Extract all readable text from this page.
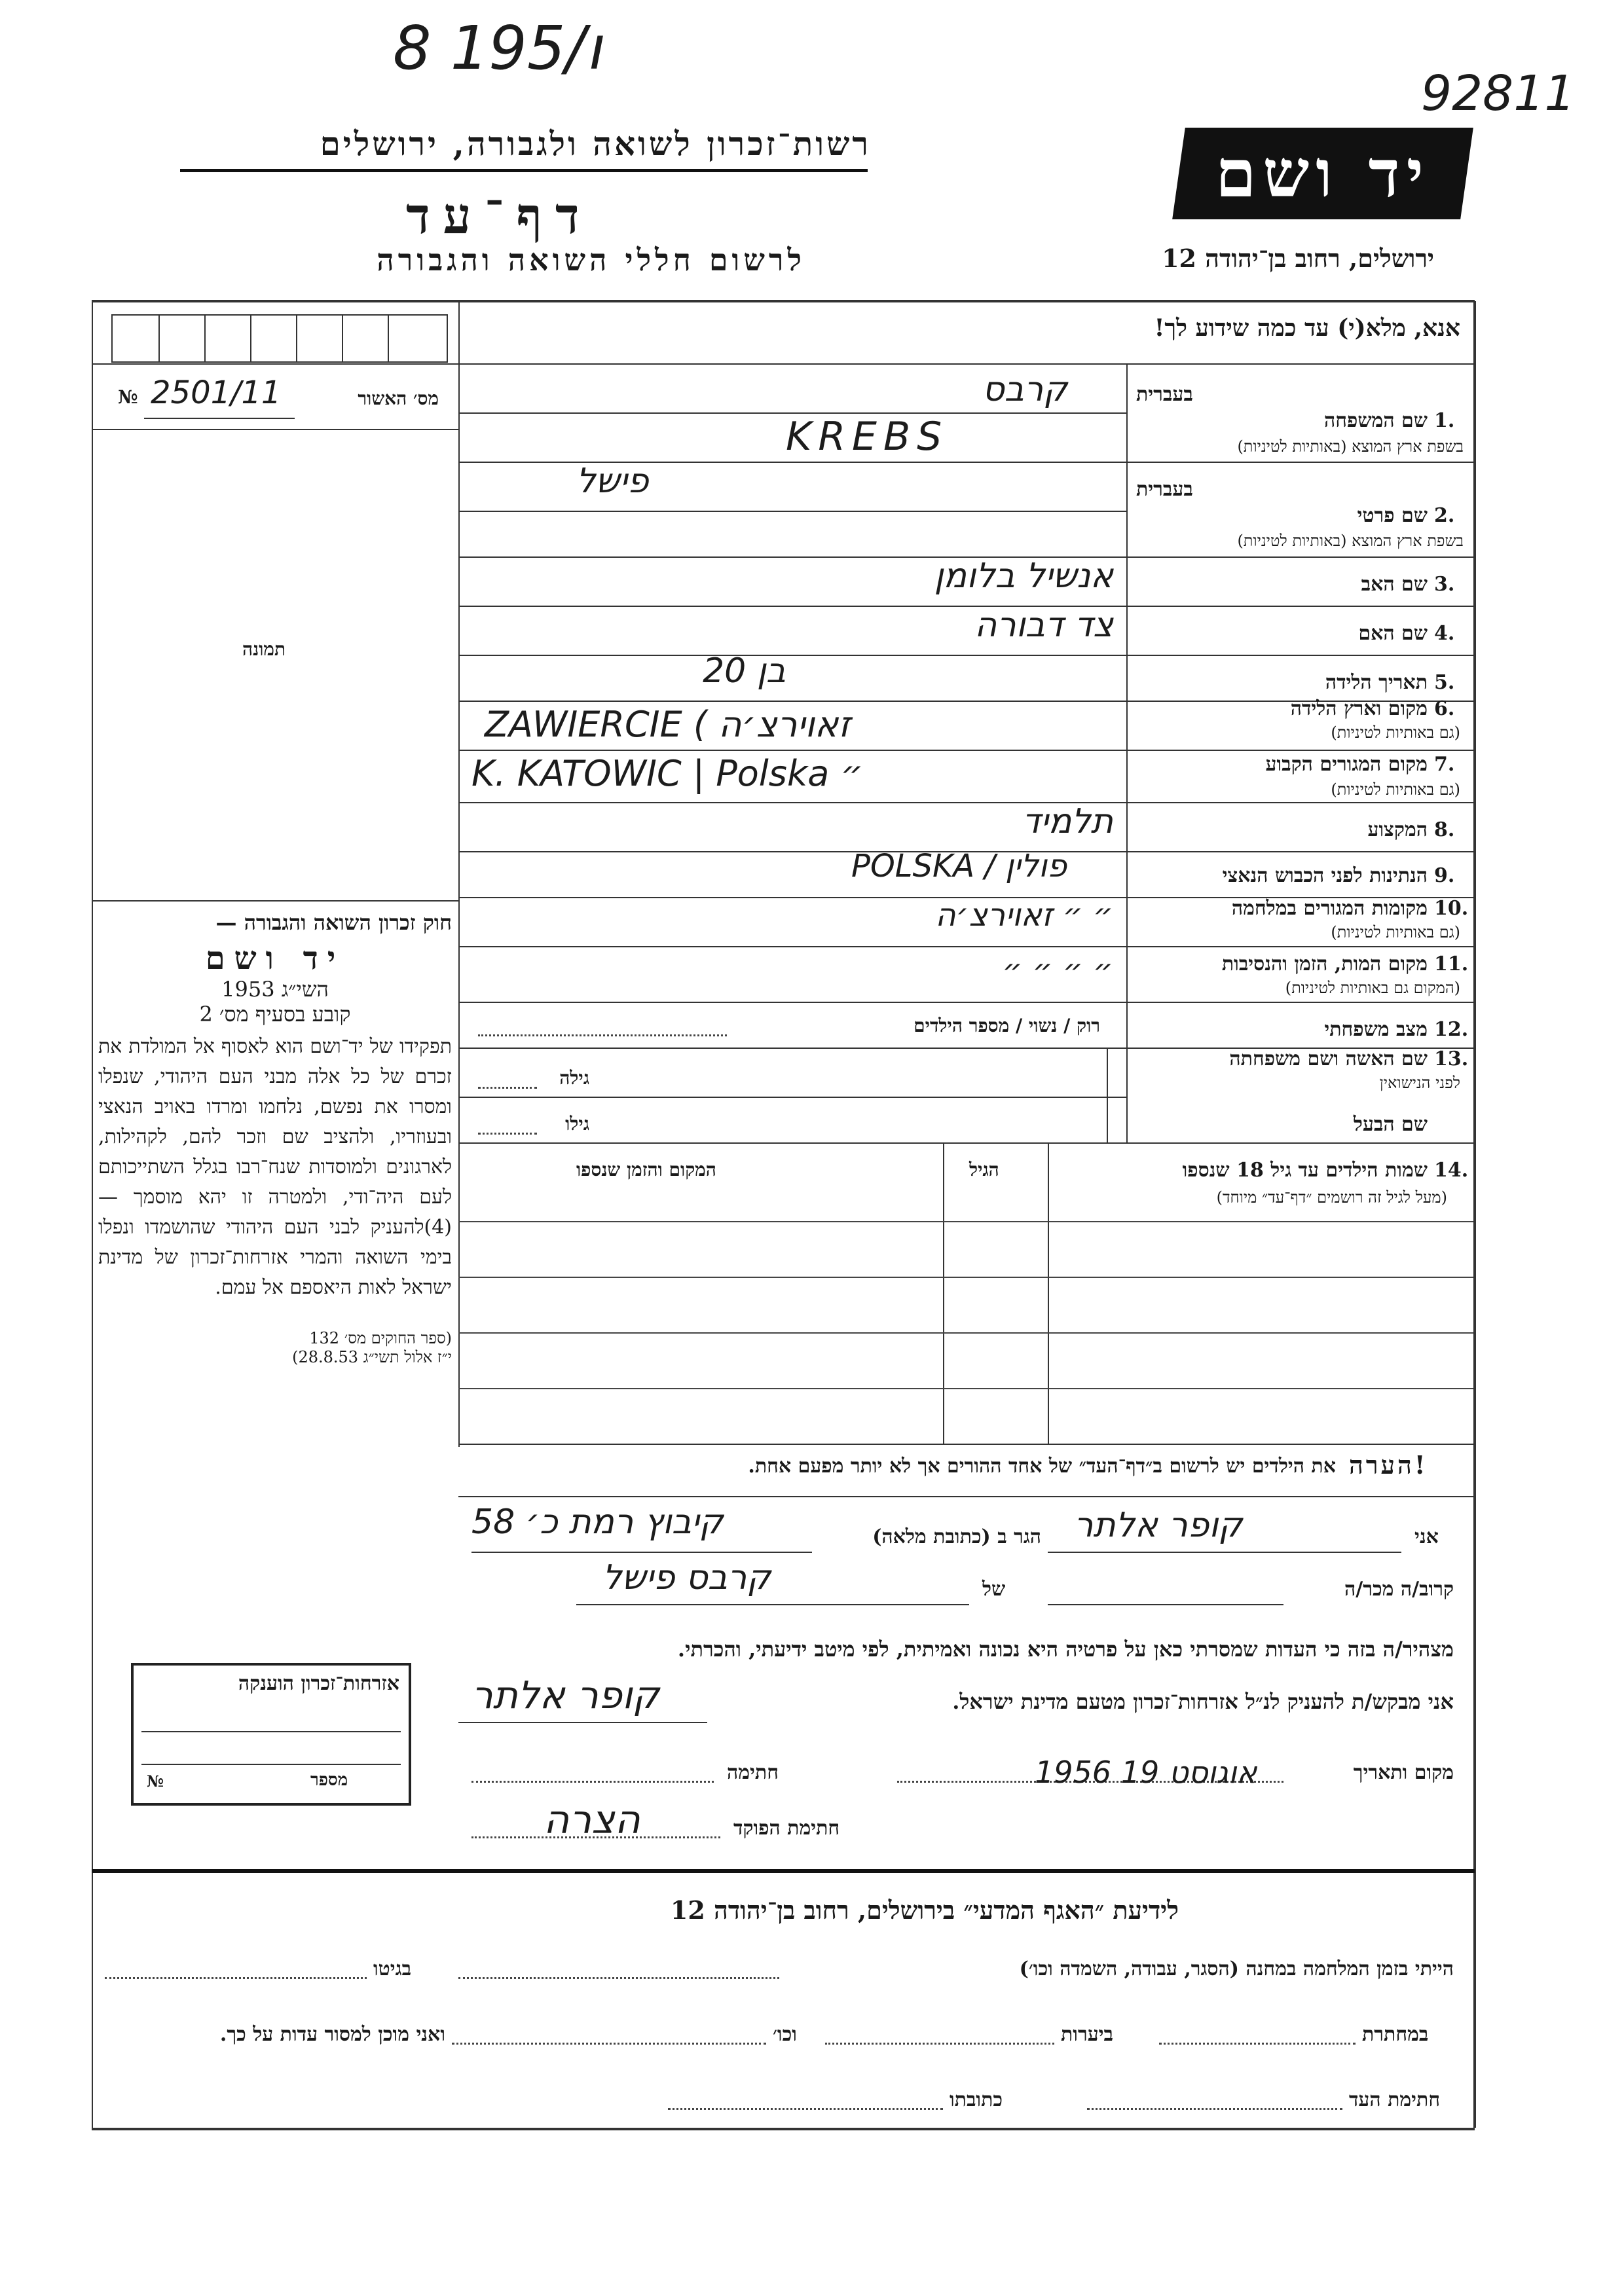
8 195/ו
92811
רשות־זכרון לשואה ולגבורה, ירושלים
דף־עד
לרשום חללי השואה והגבורה
יד ושם
ירושלים, רחוב בן־יהודה 12
אנא, מלא(י) עד כמה שידוע לך!
№ 2501/11	מס׳ האשור
תמונה
בעברית
1.
שם המשפחה
בשפת ארץ המוצא (באותיות לטיניות)
קרבס
KREBS
בעברית
2.
שם פרטי
בשפת ארץ המוצא (באותיות לטיניות)
פישל
3.
שם האב
אנשיל בלומן
4.
שם האם
צד דבורה
5.
תאריך הלידה
בן 20
6.
מקום וארץ הלידה
(גם באותיות לטיניות)
ZAWIERCIE ( זאוירצ׳ה
7.
מקום המגורים הקבוע
(גם באותיות לטיניות)
K. KATOWIC | Polska ״
8.
המקצוע
תלמיד
9.
הנתינות לפני הכבוש הנאצי
POLSKA / פולין
10.
מקומות המגורים במלחמה
(גם באותיות לטיניות)
״ ״ זאוירצ׳ה
11.
מקום המות, הזמן והנסיבות
(המקום גם באותיות לטיניות)
״ ״ ״ ״
12.
מצב משפחתי
רוק / נשוי / מספר הילדים
13.
שם האשה ושם משפחתה
לפני הנישואין
גילה
שם הבעל
גילו
14.
שמות הילדים עד גיל 18 שנספו
(מעל לגיל זה רושמים ״דף־עד״ מיוחד)
הגיל
המקום והזמן שנספו
חוק זכרון השואה והגבורה —
יד ושם
השי״ג 1953
קובע בסעיף מס׳ 2
תפקידו של יד־ושם הוא לאסוף אל המולדת את זכרם של כל אלה מבני העם היהודי, שנפלו ומסרו את נפשם, נלחמו ומרדו באויב הנאצי ובעוזריו, ולהציב שם וזכר להם, לקהילות, לארגונים ולמוסדות שנח־רבו בגלל השתייכותם לעם היה־ודי, ולמטרה זו יהא מוסמך — (4)להעניק לבני העם היהודי שהושמדו ונפלו בימי השואה והמרי אזרחות־זכרון של מדינת ישראל לאות היאספם אל עמם.
(ספר החוקים מס׳ 132
י״ז אלול תשי״ג 28.8.53)
הערה!
את הילדים יש לרשום ב״דף־העד״ של אחד ההורים אך לא יותר מפעם אחת.
אני
קופר אלתר
הגר ב (כתובת מלאה)
קיבוץ רמת כ׳ 58
קרוב/ה מכר/ה
של
קרבס פישל
מצהיר/ה בזה כי העדות שמסרתי כאן על פרטיה היא נכונה ואמיתית, לפי מיטב ידיעתי, והכרתי.
אני מבקש/ת להעניק לנ״ל אזרחות־זכרון מטעם מדינת ישראל.
קופר אלתר
מקום ותאריך
1956 אוגוסט 19
חתימה
חתימת הפוקד
הצרה
אזרחות־זכרון הוענקה
№	מספר
לידיעת ״האגף המדעי״ בירושלים, רחוב בן־יהודה 12
הייתי בזמן המלחמה במחנה (הסגר, עבודה, השמדה וכו׳)
בגיטו
במחתרת
ביערות
וכו׳
ואני מוכן למסור עדות על כך.
חתימת העד
כתובתו
